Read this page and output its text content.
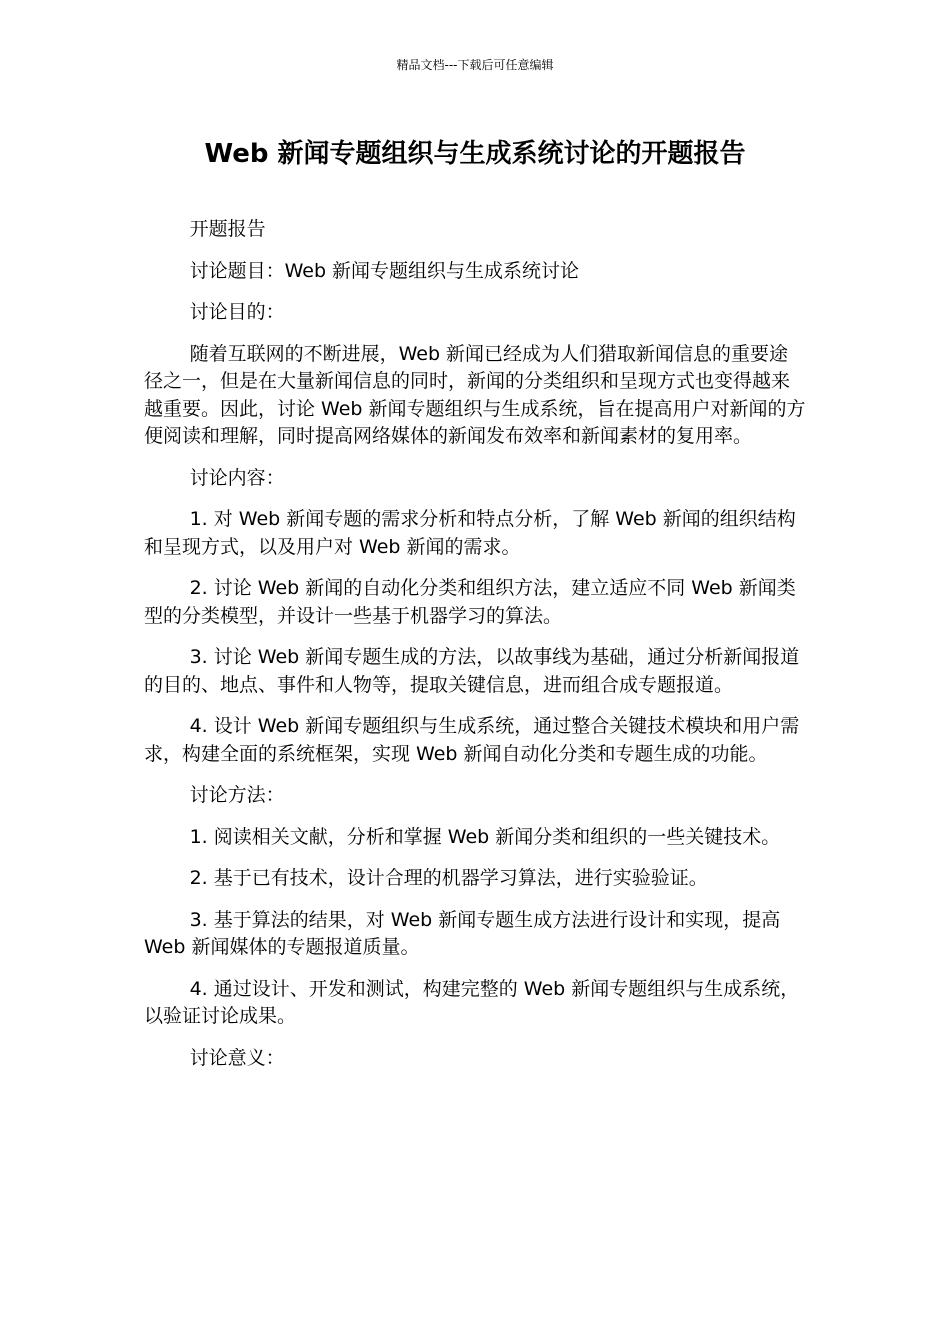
精品文档---下载后可任意编辑
Web 新闻专题组织与生成系统讨论的开题报告

开题报告

讨论题目：Web 新闻专题组织与生成系统讨论

讨论目的：

随着互联网的不断进展，Web 新闻已经成为人们猎取新闻信息的重要途径之一，但是在大量新闻信息的同时，新闻的分类组织和呈现方式也变得越来越重要。因此，讨论 Web 新闻专题组织与生成系统，旨在提高用户对新闻的方便阅读和理解，同时提高网络媒体的新闻发布效率和新闻素材的复用率。

讨论内容：

1. 对 Web 新闻专题的需求分析和特点分析，了解 Web 新闻的组织结构和呈现方式，以及用户对 Web 新闻的需求。

2. 讨论 Web 新闻的自动化分类和组织方法，建立适应不同 Web 新闻类型的分类模型，并设计一些基于机器学习的算法。

3. 讨论 Web 新闻专题生成的方法，以故事线为基础，通过分析新闻报道的目的、地点、事件和人物等，提取关键信息，进而组合成专题报道。

4. 设计 Web 新闻专题组织与生成系统，通过整合关键技术模块和用户需求，构建全面的系统框架，实现 Web 新闻自动化分类和专题生成的功能。

讨论方法：

1. 阅读相关文献，分析和掌握 Web 新闻分类和组织的一些关键技术。

2. 基于已有技术，设计合理的机器学习算法，进行实验验证。

3. 基于算法的结果，对 Web 新闻专题生成方法进行设计和实现，提高 Web 新闻媒体的专题报道质量。

4. 通过设计、开发和测试，构建完整的 Web 新闻专题组织与生成系统，以验证讨论成果。

讨论意义：
